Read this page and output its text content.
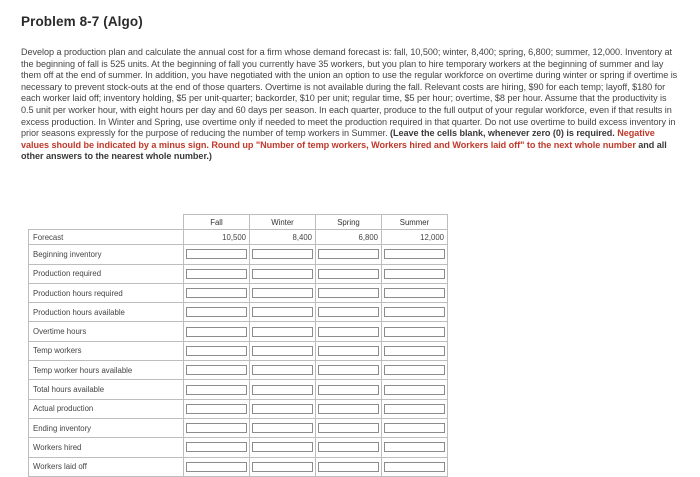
Problem 8-7 (Algo)
Develop a production plan and calculate the annual cost for a firm whose demand forecast is: fall, 10,500; winter, 8,400; spring, 6,800; summer, 12,000. Inventory at the beginning of fall is 525 units. At the beginning of fall you currently have 35 workers, but you plan to hire temporary workers at the beginning of summer and lay them off at the end of summer. In addition, you have negotiated with the union an option to use the regular workforce on overtime during winter or spring if overtime is necessary to prevent stock-outs at the end of those quarters. Overtime is not available during the fall. Relevant costs are hiring, $90 for each temp; layoff, $180 for each worker laid off; inventory holding, $5 per unit-quarter; backorder, $10 per unit; regular time, $5 per hour; overtime, $8 per hour. Assume that the productivity is 0.5 unit per worker hour, with eight hours per day and 60 days per season. In each quarter, produce to the full output of your regular workforce, even if that results in excess production. In Winter and Spring, use overtime only if needed to meet the production required in that quarter. Do not use overtime to build excess inventory in prior seasons expressly for the purpose of reducing the number of temp workers in Summer. (Leave the cells blank, whenever zero (0) is required. Negative values should be indicated by a minus sign. Round up "Number of temp workers, Workers hired and Workers laid off" to the next whole number and all other answers to the nearest whole number.)
	Fall	Winter	Spring	Summer
Forecast	10,500	8,400	6,800	12,000
Beginning inventory	

Production required	

Production hours required	

Production hours available	

Overtime hours	

Temp workers	

Temp worker hours available	

Total hours available	

Actual production	

Ending inventory	

Workers hired	

Workers laid off	
